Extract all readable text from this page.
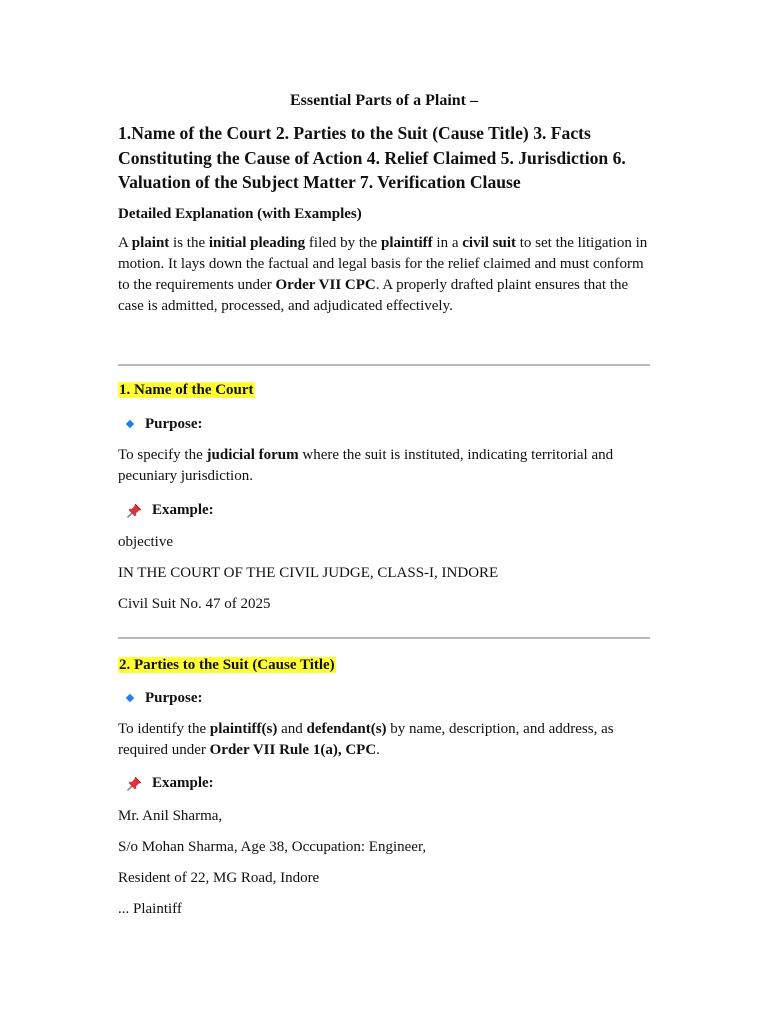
Essential Parts of a Plaint –
1.Name of the Court 2. Parties to the Suit (Cause Title) 3. Facts Constituting the Cause of Action 4. Relief Claimed 5. Jurisdiction 6. Valuation of the Subject Matter 7. Verification Clause
Detailed Explanation (with Examples)
A plaint is the initial pleading filed by the plaintiff in a civil suit to set the litigation in motion. It lays down the factual and legal basis for the relief claimed and must conform to the requirements under Order VII CPC. A properly drafted plaint ensures that the case is admitted, processed, and adjudicated effectively.
1. Name of the Court
Purpose:
To specify the judicial forum where the suit is instituted, indicating territorial and pecuniary jurisdiction.
Example:
objective
IN THE COURT OF THE CIVIL JUDGE, CLASS-I, INDORE
Civil Suit No. 47 of 2025
2. Parties to the Suit (Cause Title)
Purpose:
To identify the plaintiff(s) and defendant(s) by name, description, and address, as required under Order VII Rule 1(a), CPC.
Example:
Mr. Anil Sharma,
S/o Mohan Sharma, Age 38, Occupation: Engineer,
Resident of 22, MG Road, Indore
... Plaintiff
